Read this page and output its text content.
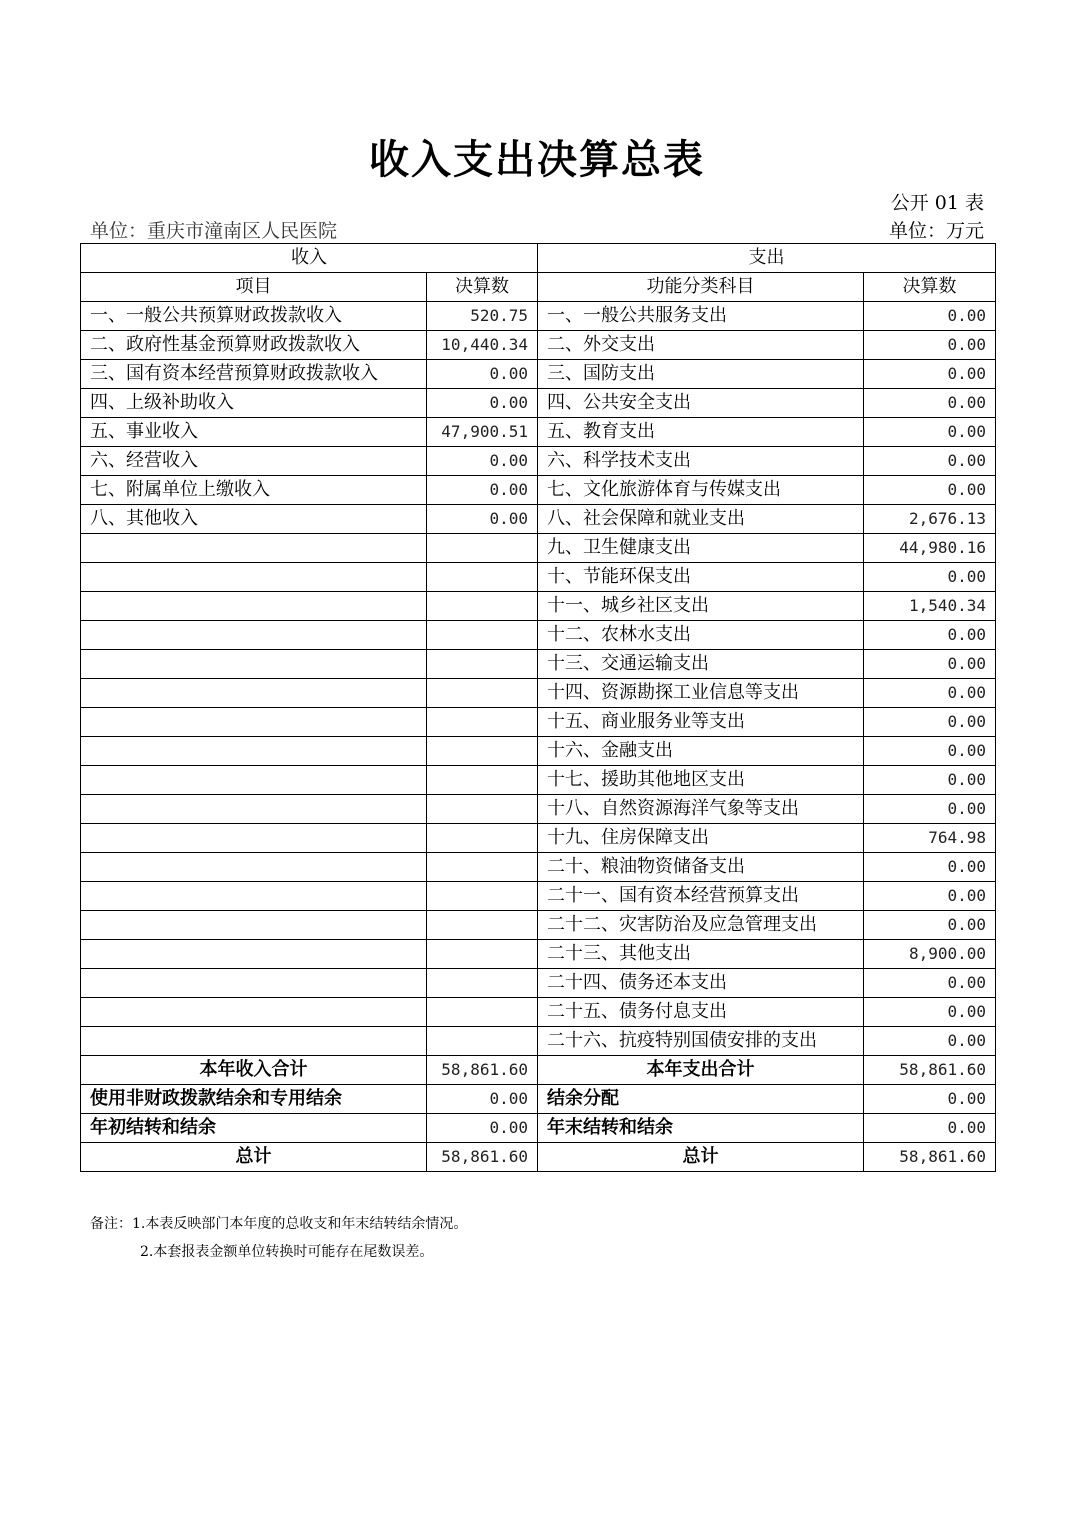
收入支出决算总表
公开 01 表
单位：重庆市潼南区人民医院	单位：万元
收入		支出	
项目	决算数	功能分类科目	决算数
一、一般公共预算财政拨款收入	520.75	一、一般公共服务支出	0.00
二、政府性基金预算财政拨款收入	10,440.34	二、外交支出	0.00
三、国有资本经营预算财政拨款收入	0.00	三、国防支出	0.00
四、上级补助收入	0.00	四、公共安全支出	0.00
五、事业收入	47,900.51	五、教育支出	0.00
六、经营收入	0.00	六、科学技术支出	0.00
七、附属单位上缴收入	0.00	七、文化旅游体育与传媒支出	0.00
八、其他收入	0.00	八、社会保障和就业支出	2,676.13
		九、卫生健康支出	44,980.16
		十、节能环保支出	0.00
		十一、城乡社区支出	1,540.34
		十二、农林水支出	0.00
		十三、交通运输支出	0.00
		十四、资源勘探工业信息等支出	0.00
		十五、商业服务业等支出	0.00
		十六、金融支出	0.00
		十七、援助其他地区支出	0.00
		十八、自然资源海洋气象等支出	0.00
		十九、住房保障支出	764.98
		二十、粮油物资储备支出	0.00
		二十一、国有资本经营预算支出	0.00
		二十二、灾害防治及应急管理支出	0.00
		二十三、其他支出	8,900.00
		二十四、债务还本支出	0.00
		二十五、债务付息支出	0.00
		二十六、抗疫特别国债安排的支出	0.00
本年收入合计	58,861.60	本年支出合计	58,861.60
使用非财政拨款结余和专用结余	0.00	结余分配	0.00
年初结转和结余	0.00	年末结转和结余	0.00
总计	58,861.60	总计	58,861.60
备注：1.本表反映部门本年度的总收支和年末结转结余情况。
2.本套报表金额单位转换时可能存在尾数误差。
